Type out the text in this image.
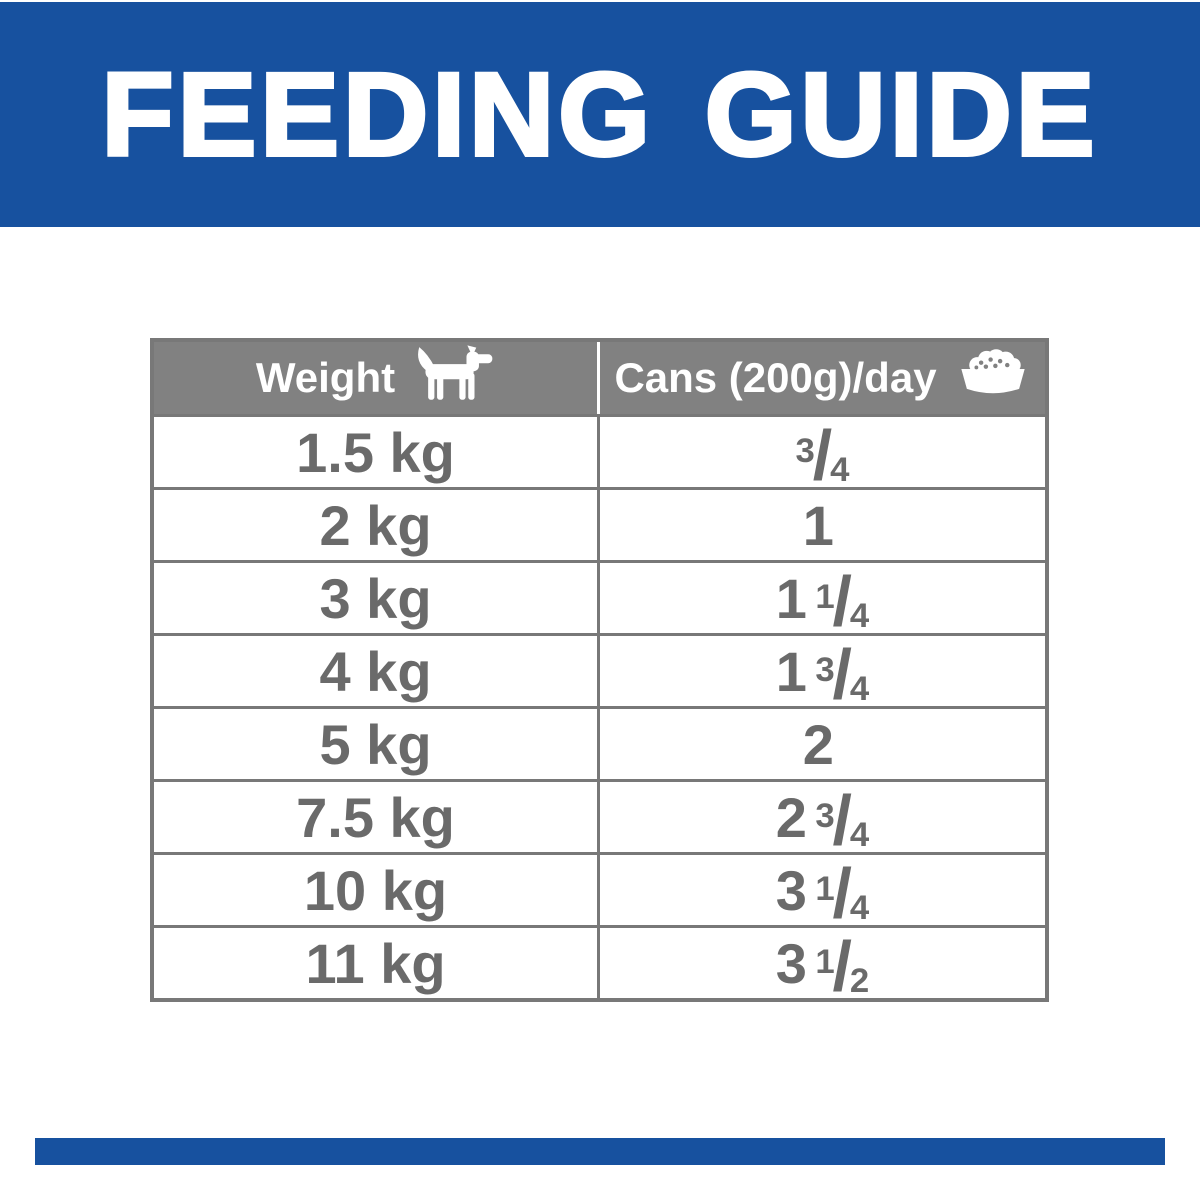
FEEDING GUIDE
Weight	Cans (200g)/day
1.5 kg	3/4
2 kg	1
3 kg	1 1/4
4 kg	1 3/4
5 kg	2
7.5 kg	2 3/4
10 kg	3 1/4
11 kg	3 1/2
